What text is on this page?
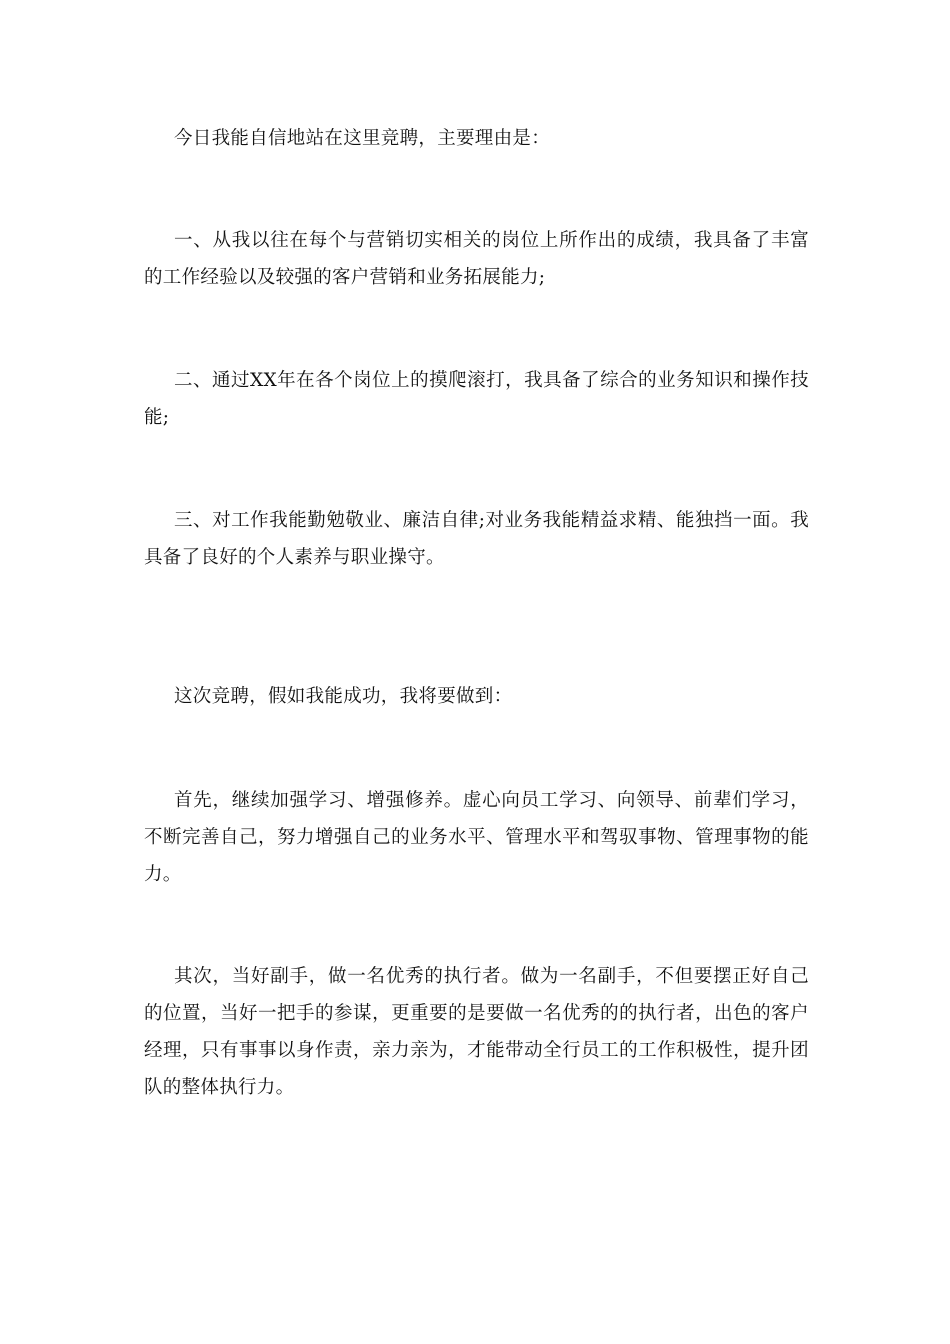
今日我能自信地站在这里竞聘，主要理由是：

一、从我以往在每个与营销切实相关的岗位上所作出的成绩，我具备了丰富的工作经验以及较强的客户营销和业务拓展能力;

二、通过XX年在各个岗位上的摸爬滚打，我具备了综合的业务知识和操作技能;

三、对工作我能勤勉敬业、廉洁自律;对业务我能精益求精、能独挡一面。我具备了良好的个人素养与职业操守。

这次竞聘，假如我能成功，我将要做到：

首先，继续加强学习、增强修养。虚心向员工学习、向领导、前辈们学习，不断完善自己，努力增强自己的业务水平、管理水平和驾驭事物、管理事物的能力。

其次，当好副手，做一名优秀的执行者。做为一名副手，不但要摆正好自己的位置，当好一把手的参谋，更重要的是要做一名优秀的的执行者，出色的客户经理，只有事事以身作责，亲力亲为，才能带动全行员工的工作积极性，提升团队的整体执行力。
